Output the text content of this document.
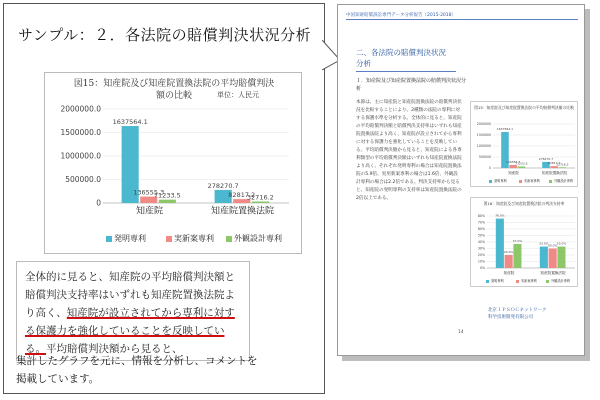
サンプル：２．各法院の賠償判決状況分析
図15：知産院及び知産院置換法院の平均賠償判決額の比較	単位：人民元
0
500000.0
1000000.0
1500000.0
2000000.0
1637564.1
136555.3
71233.5
知産院
278270.7
82817.2
32716.2
知産院置換法院
発明専利	実新案専利	外観設計専利
全体的に見ると、知産院の平均賠償判決額と賠償判決支持率はいずれも知産院置換法院より高く、知産院が設立されてから専利に対する保護力を強化していることを反映している。平均賠償判決額から見ると、
集計したグラフを元に、情報を分析し、コメントを
掲載しています。
中国知財賠償訴訟専門データ分析報告（2015-2018）
二、各法院の賠償判決状況
分析
１．知産院及び知産院置換法院の賠償判決状況分析
本節は、主に知産院と知産院置換法院の賠償判決状況を比較することにより、2種類の法院の専利に対する保護水準を分析する。全体的に見ると、知産院の平均賠償判決額と賠償判決支持率はいずれも知産院置換法院より高く、知産院が設立されてから専利に対する保護力を強化していることを反映している。平均賠償判決額から見ると、知産院による各専利類型の平均賠償判決額はいずれも知産院置換法院より高く、それぞれ発明専利の場合は知産院置換法院の5.9倍、実用新案専利の場合は1.6倍、外観設計専利の場合は2.2倍である。判決支持率から見ると、知産院の発明専利の支持率は知産院置換法院の2倍以上である。
図15：知産院及び知産院置換法院の平均賠償判決額の比較
0
500000
1000000
1500000
2000000
1637564.1
136555.3
71233.5
知産院
278270.7
82817.2
32716.2
知産院置換法院
発明専利	実新案専利	外観設計専利
図16：知産院及び知産院置換法院の判決支持率
0%
10%
20%
30%
40%
50%
60%
70%
80%	76.0%
20.0%
37.0%
知産院
33.0% 30.0% 33.0%
知産院置換法院
発明専利	実新案専利	外観設計専利
北京ＩＰＳＯＣネットワーク
科学技術開発有限公司
14
